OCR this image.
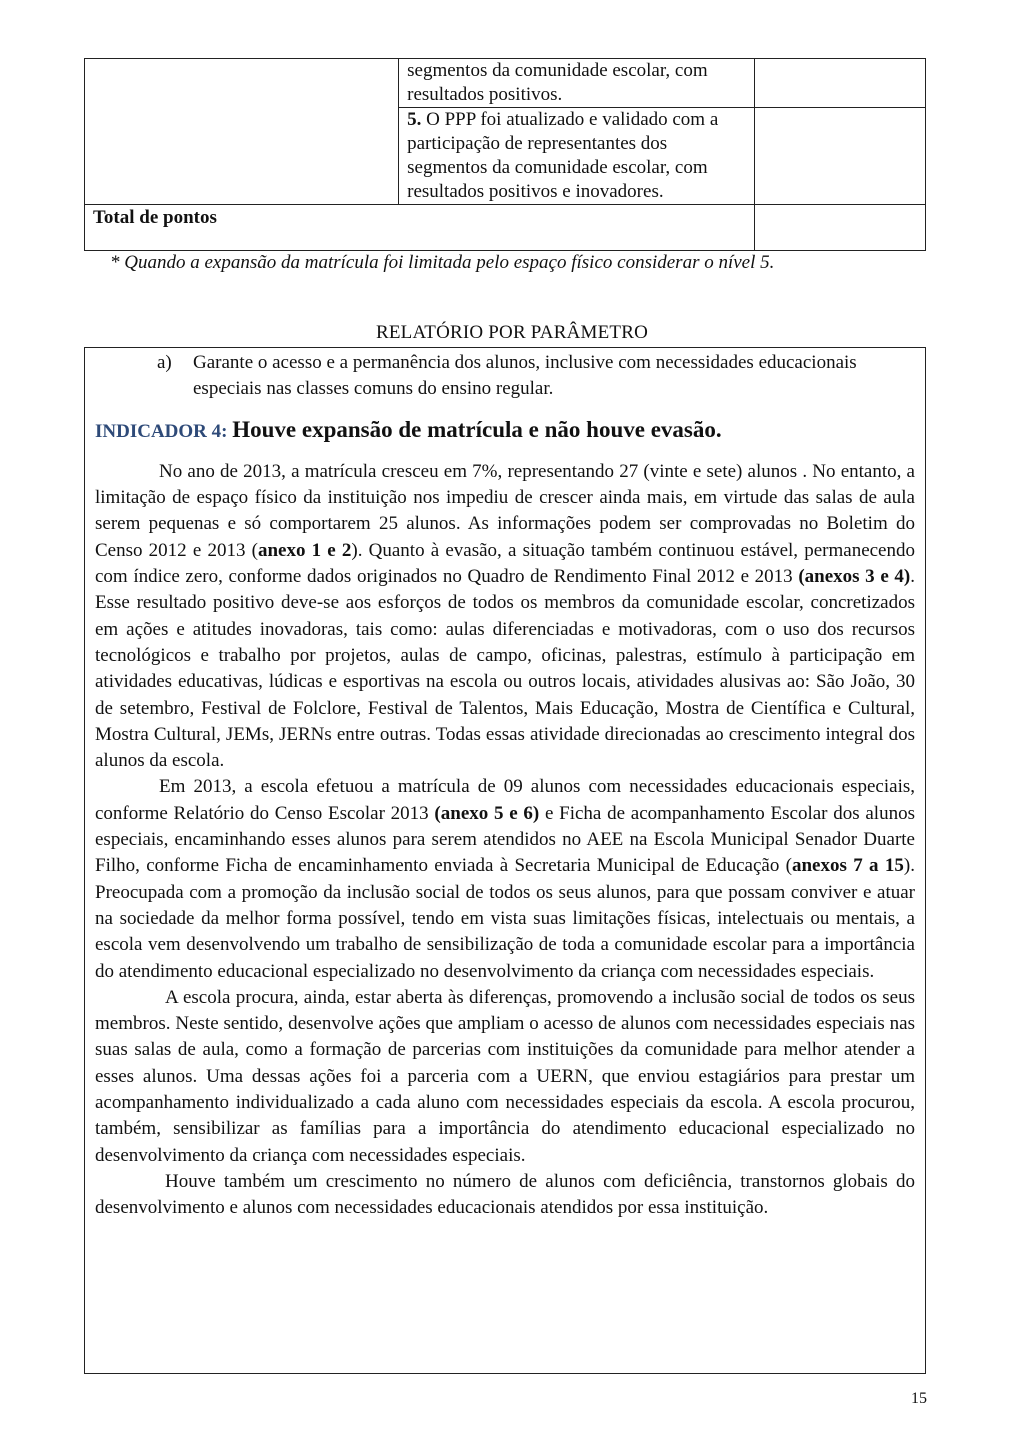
	segmentos da comunidade escolar, com resultados positivos.	
	5. O PPP foi atualizado e validado com a participação de representantes dos segmentos da comunidade escolar, com resultados positivos e inovadores.	
Total de pontos		
* Quando a expansão da matrícula foi limitada pelo espaço físico considerar o nível 5.
RELATÓRIO POR PARÂMETRO
a)	Garante o acesso e a permanência dos alunos, inclusive com necessidades educacionais especiais nas classes comuns do ensino regular.
INDICADOR 4: Houve expansão de matrícula e não houve evasão.

No ano de 2013, a matrícula cresceu em 7%, representando 27 (vinte e sete) alunos . No entanto, a limitação de espaço físico da instituição nos impediu de crescer ainda mais, em virtude das salas de aula serem pequenas e só comportarem 25 alunos. As informações podem ser comprovadas no Boletim do Censo 2012 e 2013 (anexo 1 e 2). Quanto à evasão, a situação também continuou estável, permanecendo com índice zero, conforme dados originados no Quadro de Rendimento Final 2012 e 2013 (anexos 3 e 4). Esse resultado positivo deve-se aos esforços de todos os membros da comunidade escolar, concretizados em ações e atitudes inovadoras, tais como: aulas diferenciadas e motivadoras, com o uso dos recursos tecnológicos e trabalho por projetos, aulas de campo, oficinas, palestras, estímulo à participação em atividades educativas, lúdicas e esportivas na escola ou outros locais, atividades alusivas ao: São João, 30 de setembro, Festival de Folclore, Festival de Talentos, Mais Educação, Mostra de Científica e Cultural, Mostra Cultural, JEMs, JERNs entre outras. Todas essas atividade direcionadas ao crescimento integral dos alunos da escola.

Em 2013, a escola efetuou a matrícula de 09 alunos com necessidades educacionais especiais, conforme Relatório do Censo Escolar 2013 (anexo 5 e 6) e Ficha de acompanhamento Escolar dos alunos especiais, encaminhando esses alunos para serem atendidos no AEE na Escola Municipal Senador Duarte Filho, conforme Ficha de encaminhamento enviada à Secretaria Municipal de Educação (anexos 7 a 15). Preocupada com a promoção da inclusão social de todos os seus alunos, para que possam conviver e atuar na sociedade da melhor forma possível, tendo em vista suas limitações físicas, intelectuais ou mentais, a escola vem desenvolvendo um trabalho de sensibilização de toda a comunidade escolar para a importância do atendimento educacional especializado no desenvolvimento da criança com necessidades especiais.

A escola procura, ainda, estar aberta às diferenças, promovendo a inclusão social de todos os seus membros. Neste sentido, desenvolve ações que ampliam o acesso de alunos com necessidades especiais nas suas salas de aula, como a formação de parcerias com instituições da comunidade para melhor atender a esses alunos. Uma dessas ações foi a parceria com a UERN, que enviou estagiários para prestar um acompanhamento individualizado a cada aluno com necessidades especiais da escola. A escola procurou, também, sensibilizar as famílias para a importância do atendimento educacional especializado no desenvolvimento da criança com necessidades especiais.

Houve também um crescimento no número de alunos com deficiência, transtornos globais do desenvolvimento e alunos com necessidades educacionais atendidos por essa instituição.

15
